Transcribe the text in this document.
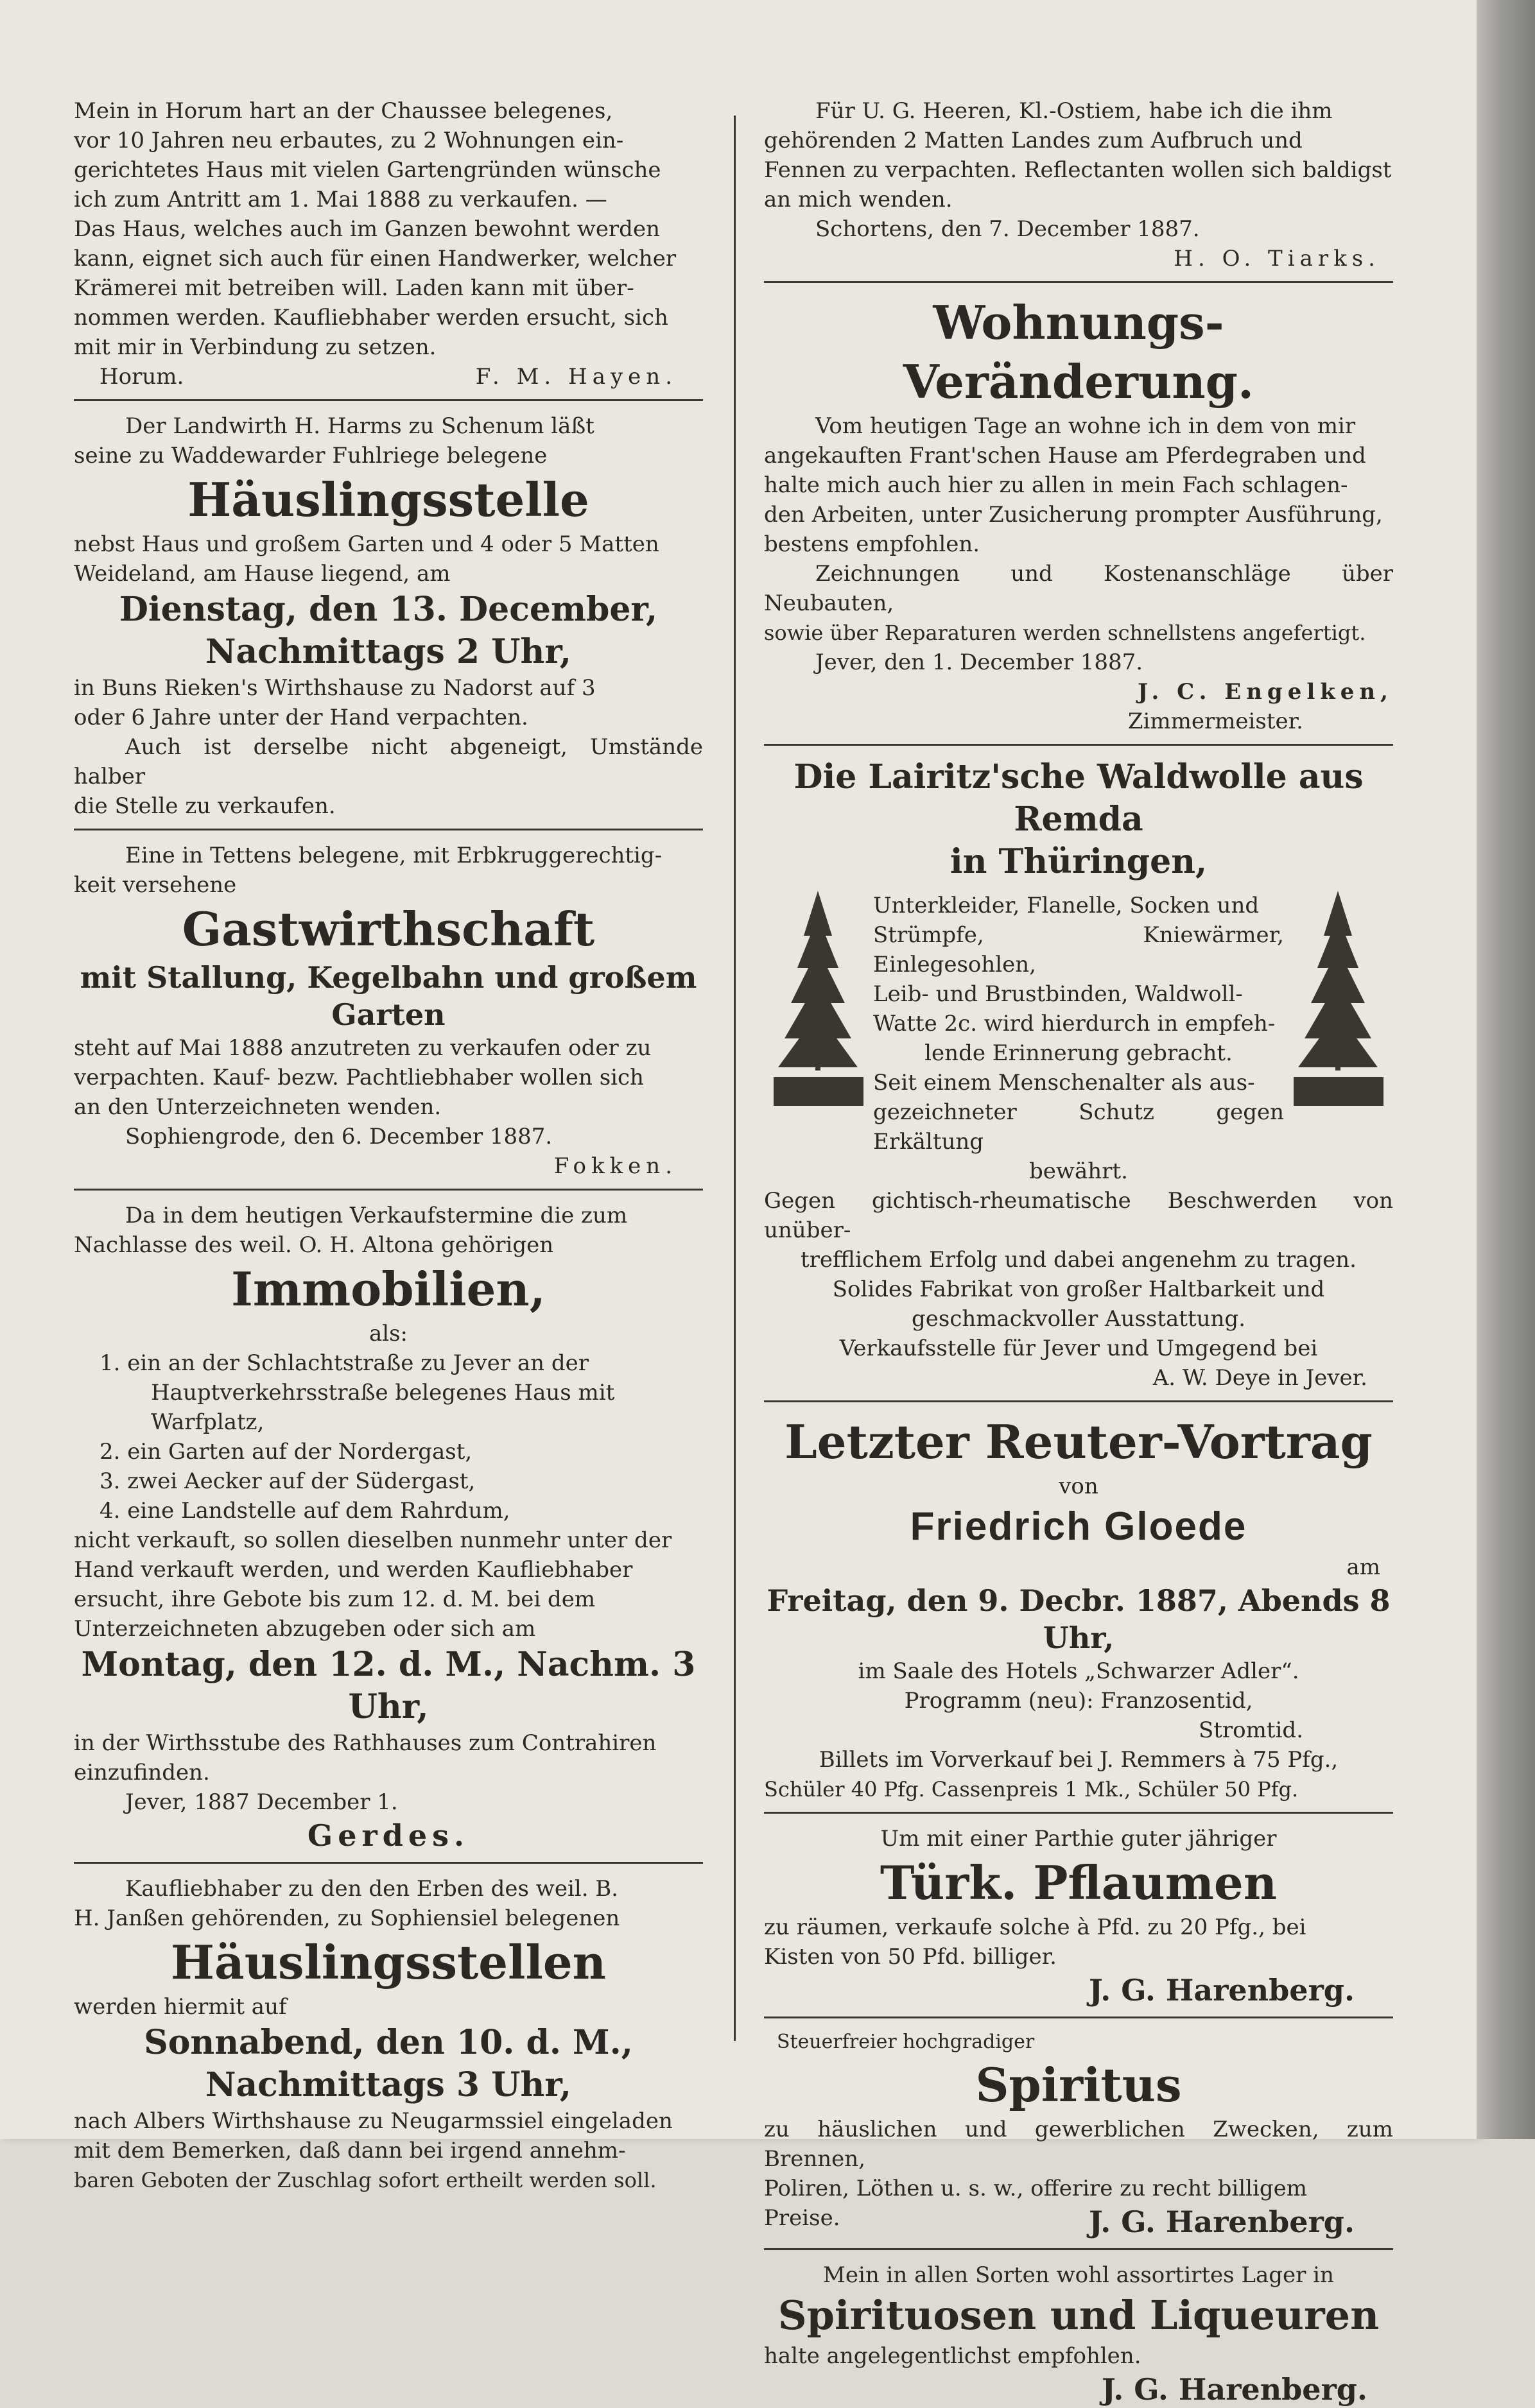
Mein in Horum hart an der Chaussee belegenes,

vor 10 Jahren neu erbautes, zu 2 Wohnungen ein-

gerichtetes Haus mit vielen Gartengründen wünsche

ich zum Antritt am 1. Mai 1888 zu verkaufen. —

Das Haus, welches auch im Ganzen bewohnt werden

kann, eignet sich auch für einen Handwerker, welcher

Krämerei mit betreiben will. Laden kann mit über-

nommen werden. Kaufliebhaber werden ersucht, sich

mit mir in Verbindung zu setzen.

Horum.	F. M. Hayen.

Der Landwirth H. Harms zu Schenum läßt

seine zu Waddewarder Fuhlriege belegene

Häuslingsstelle

nebst Haus und großem Garten und 4 oder 5 Matten

Weideland, am Hause liegend, am

Dienstag, den 13. December,
Nachmittags 2 Uhr,

in Buns Rieken's Wirthshause zu Nadorst auf 3

oder 6 Jahre unter der Hand verpachten.

Auch ist derselbe nicht abgeneigt, Umstände halber

die Stelle zu verkaufen.

Eine in Tettens belegene, mit Erbkruggerechtig-

keit versehene

Gastwirthschaft
mit Stallung, Kegelbahn und großem
Garten

steht auf Mai 1888 anzutreten zu verkaufen oder zu

verpachten. Kauf- bezw. Pachtliebhaber wollen sich

an den Unterzeichneten wenden.

Sophiengrode, den 6. December 1887.

Fokken.

Da in dem heutigen Verkaufstermine die zum

Nachlasse des weil. O. H. Altona gehörigen

Immobilien,

als:

1. ein an der Schlachtstraße zu Jever an der

Hauptverkehrsstraße belegenes Haus mit

Warfplatz,

2. ein Garten auf der Nordergast,

3. zwei Aecker auf der Südergast,

4. eine Landstelle auf dem Rahrdum,

nicht verkauft, so sollen dieselben nunmehr unter der

Hand verkauft werden, und werden Kaufliebhaber

ersucht, ihre Gebote bis zum 12. d. M. bei dem

Unterzeichneten abzugeben oder sich am

Montag, den 12. d. M., Nachm. 3 Uhr,

in der Wirthsstube des Rathhauses zum Contrahiren

einzufinden.

Jever, 1887 December 1.

Gerdes.

Kaufliebhaber zu den den Erben des weil. B.

H. Janßen gehörenden, zu Sophiensiel belegenen

Häuslingsstellen

werden hiermit auf

Sonnabend, den 10. d. M.,
Nachmittags 3 Uhr,

nach Albers Wirthshause zu Neugarmssiel eingeladen

mit dem Bemerken, daß dann bei irgend annehm-

baren Geboten der Zuschlag sofort ertheilt werden soll.

Für U. G. Heeren, Kl.-Ostiem, habe ich die ihm

gehörenden 2 Matten Landes zum Aufbruch und

Fennen zu verpachten. Reflectanten wollen sich baldigst

an mich wenden.

Schortens, den 7. December 1887.

H. O. Tiarks.

Wohnungs-Veränderung.

Vom heutigen Tage an wohne ich in dem von mir

angekauften Frant'schen Hause am Pferdegraben und

halte mich auch hier zu allen in mein Fach schlagen-

den Arbeiten, unter Zusicherung prompter Ausführung,

bestens empfohlen.

Zeichnungen und Kostenanschläge über Neubauten,

sowie über Reparaturen werden schnellstens angefertigt.

Jever, den 1. December 1887.

J. C. Engelken,

Zimmermeister.

Die Lairitz'sche Waldwolle aus Remda
in Thüringen,

Unterkleider, Flanelle, Socken und

Strümpfe, Kniewärmer, Einlegesohlen,

Leib- und Brustbinden, Waldwoll-

Watte 2c. wird hierdurch in empfeh-

lende Erinnerung gebracht.

Seit einem Menschenalter als aus-

gezeichneter Schutz gegen Erkältung

bewährt.

Gegen gichtisch-rheumatische Beschwerden von unüber-

trefflichem Erfolg und dabei angenehm zu tragen.

Solides Fabrikat von großer Haltbarkeit und

geschmackvoller Ausstattung.

Verkaufsstelle für Jever und Umgegend bei

A. W. Deye in Jever.

Letzter Reuter-Vortrag

von

Friedrich Gloede

am

Freitag, den 9. Decbr. 1887, Abends 8 Uhr,

im Saale des Hotels „Schwarzer Adler“.

Programm (neu): Franzosentid,

Stromtid.

Billets im Vorverkauf bei J. Remmers à 75 Pfg.,

Schüler 40 Pfg. Cassenpreis 1 Mk., Schüler 50 Pfg.

Um mit einer Parthie guter jähriger

Türk. Pflaumen

zu räumen, verkaufe solche à Pfd. zu 20 Pfg., bei

Kisten von 50 Pfd. billiger.

J. G. Harenberg.

Steuerfreier hochgradiger

Spiritus

zu häuslichen und gewerblichen Zwecken, zum Brennen,

Poliren, Löthen u. s. w., offerire zu recht billigem

Preise.	J. G. Harenberg.

Mein in allen Sorten wohl assortirtes Lager in

Spirituosen und Liqueuren

halte angelegentlichst empfohlen.

J. G. Harenberg.
